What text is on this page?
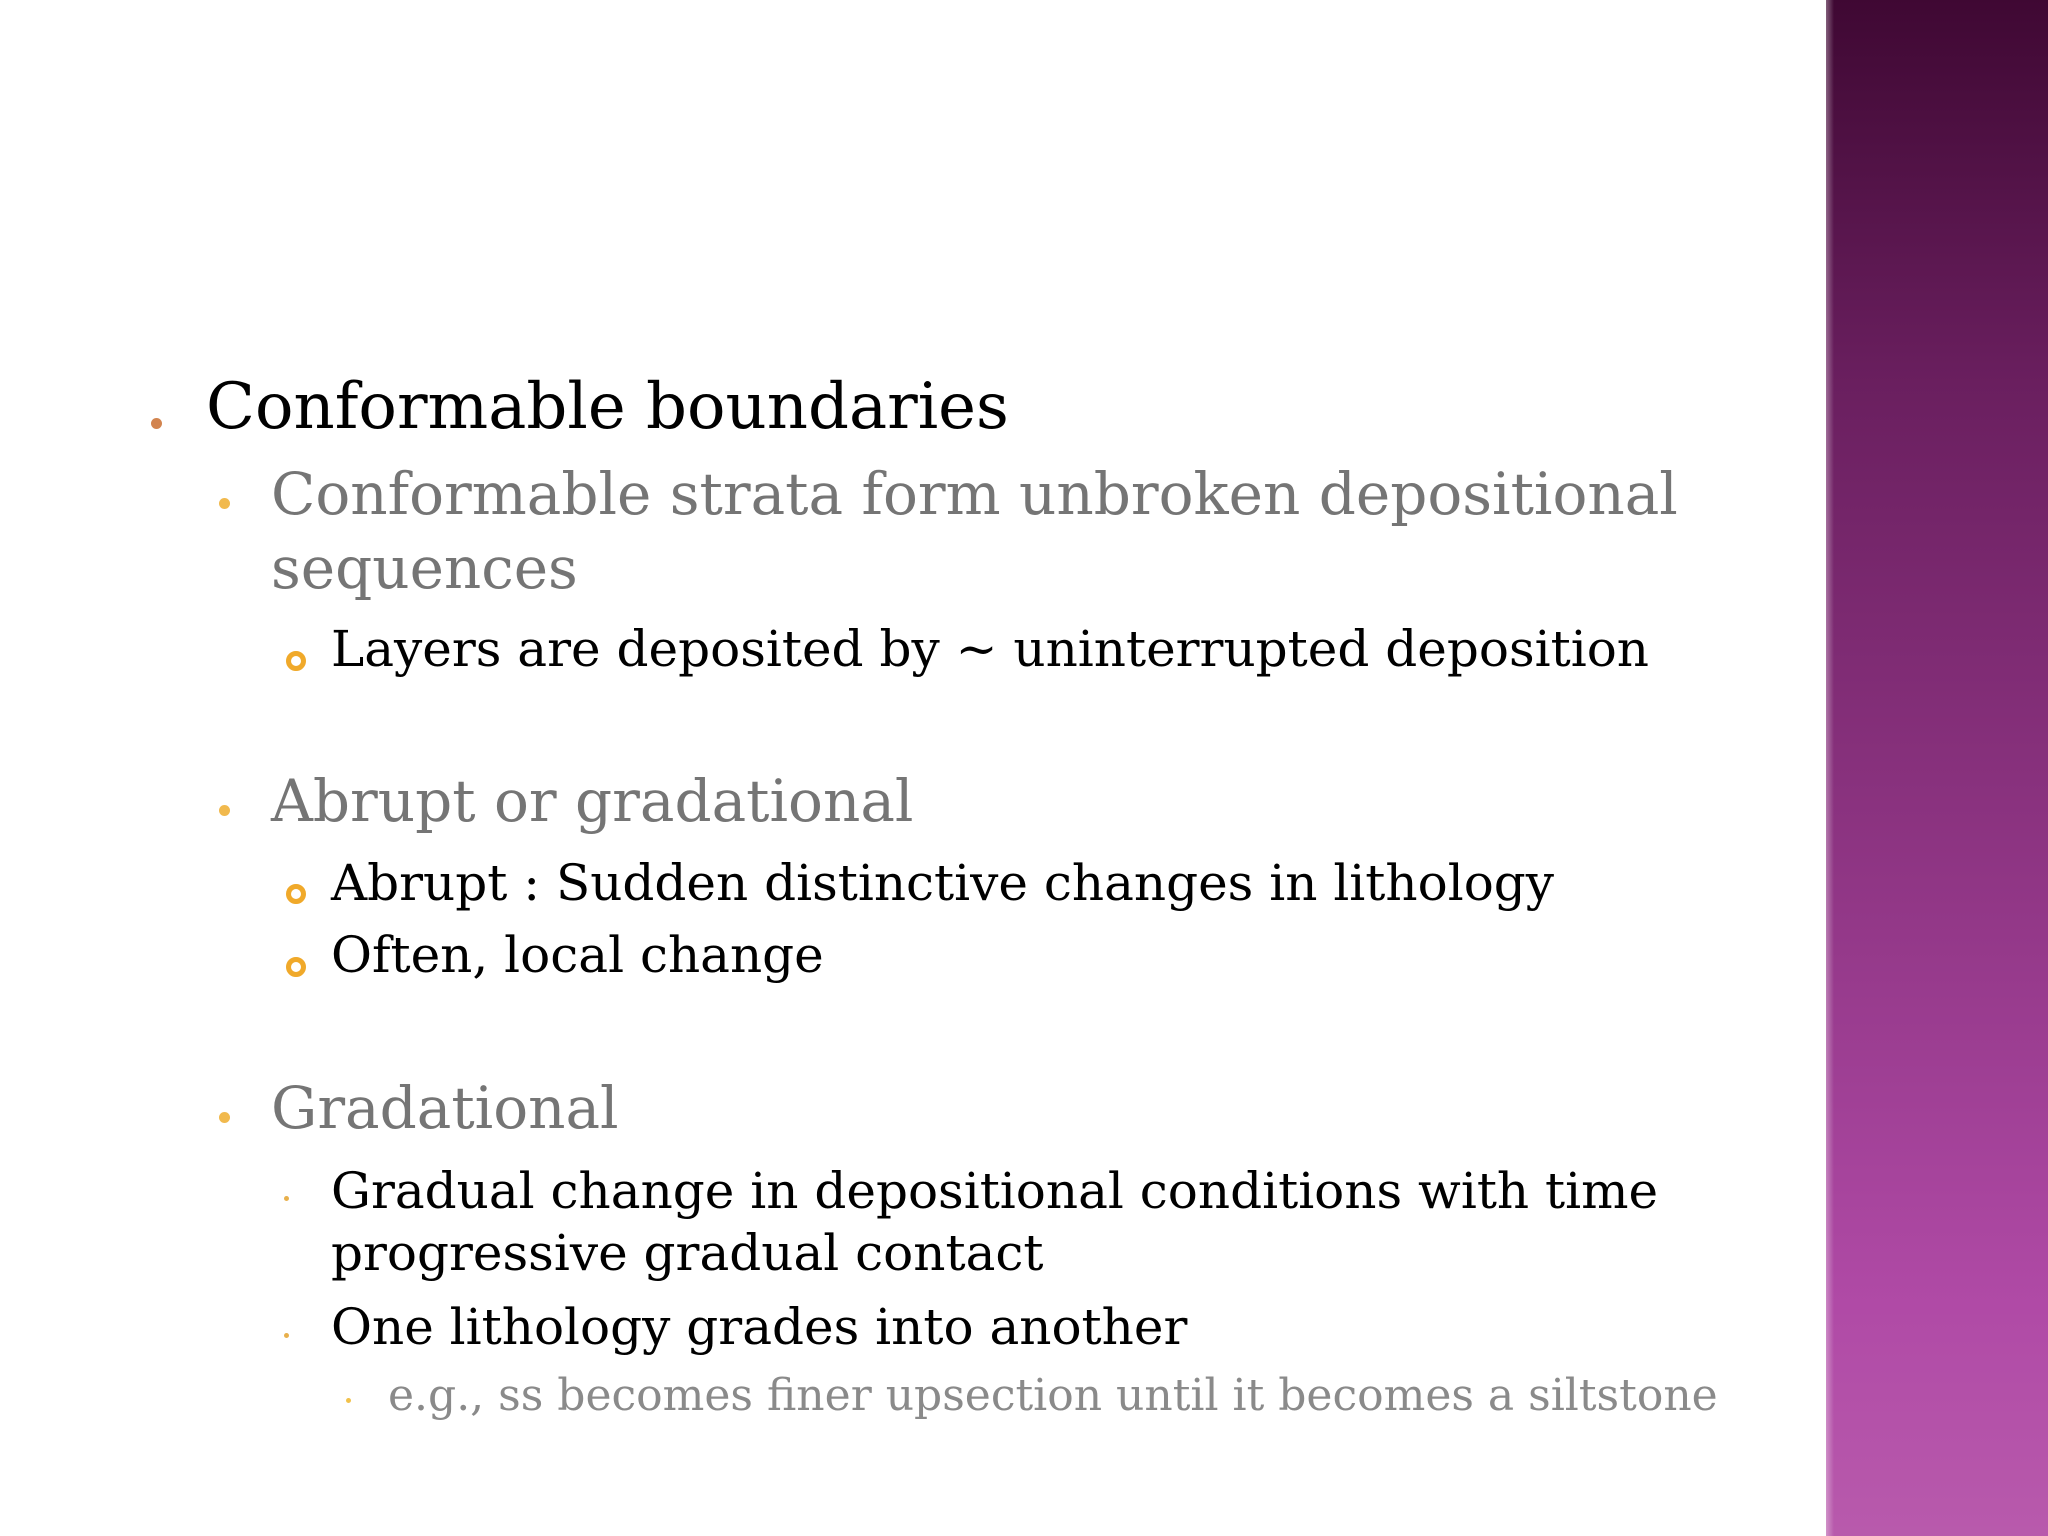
Conformable boundaries
Conformable strata form unbroken depositional
sequences
Layers are deposited by ~ uninterrupted deposition
Abrupt or gradational
Abrupt : Sudden distinctive changes in lithology
Often, local change
Gradational
Gradual change in depositional conditions with time
progressive gradual contact
One lithology grades into another
e.g., ss becomes finer upsection until it becomes a siltstone
